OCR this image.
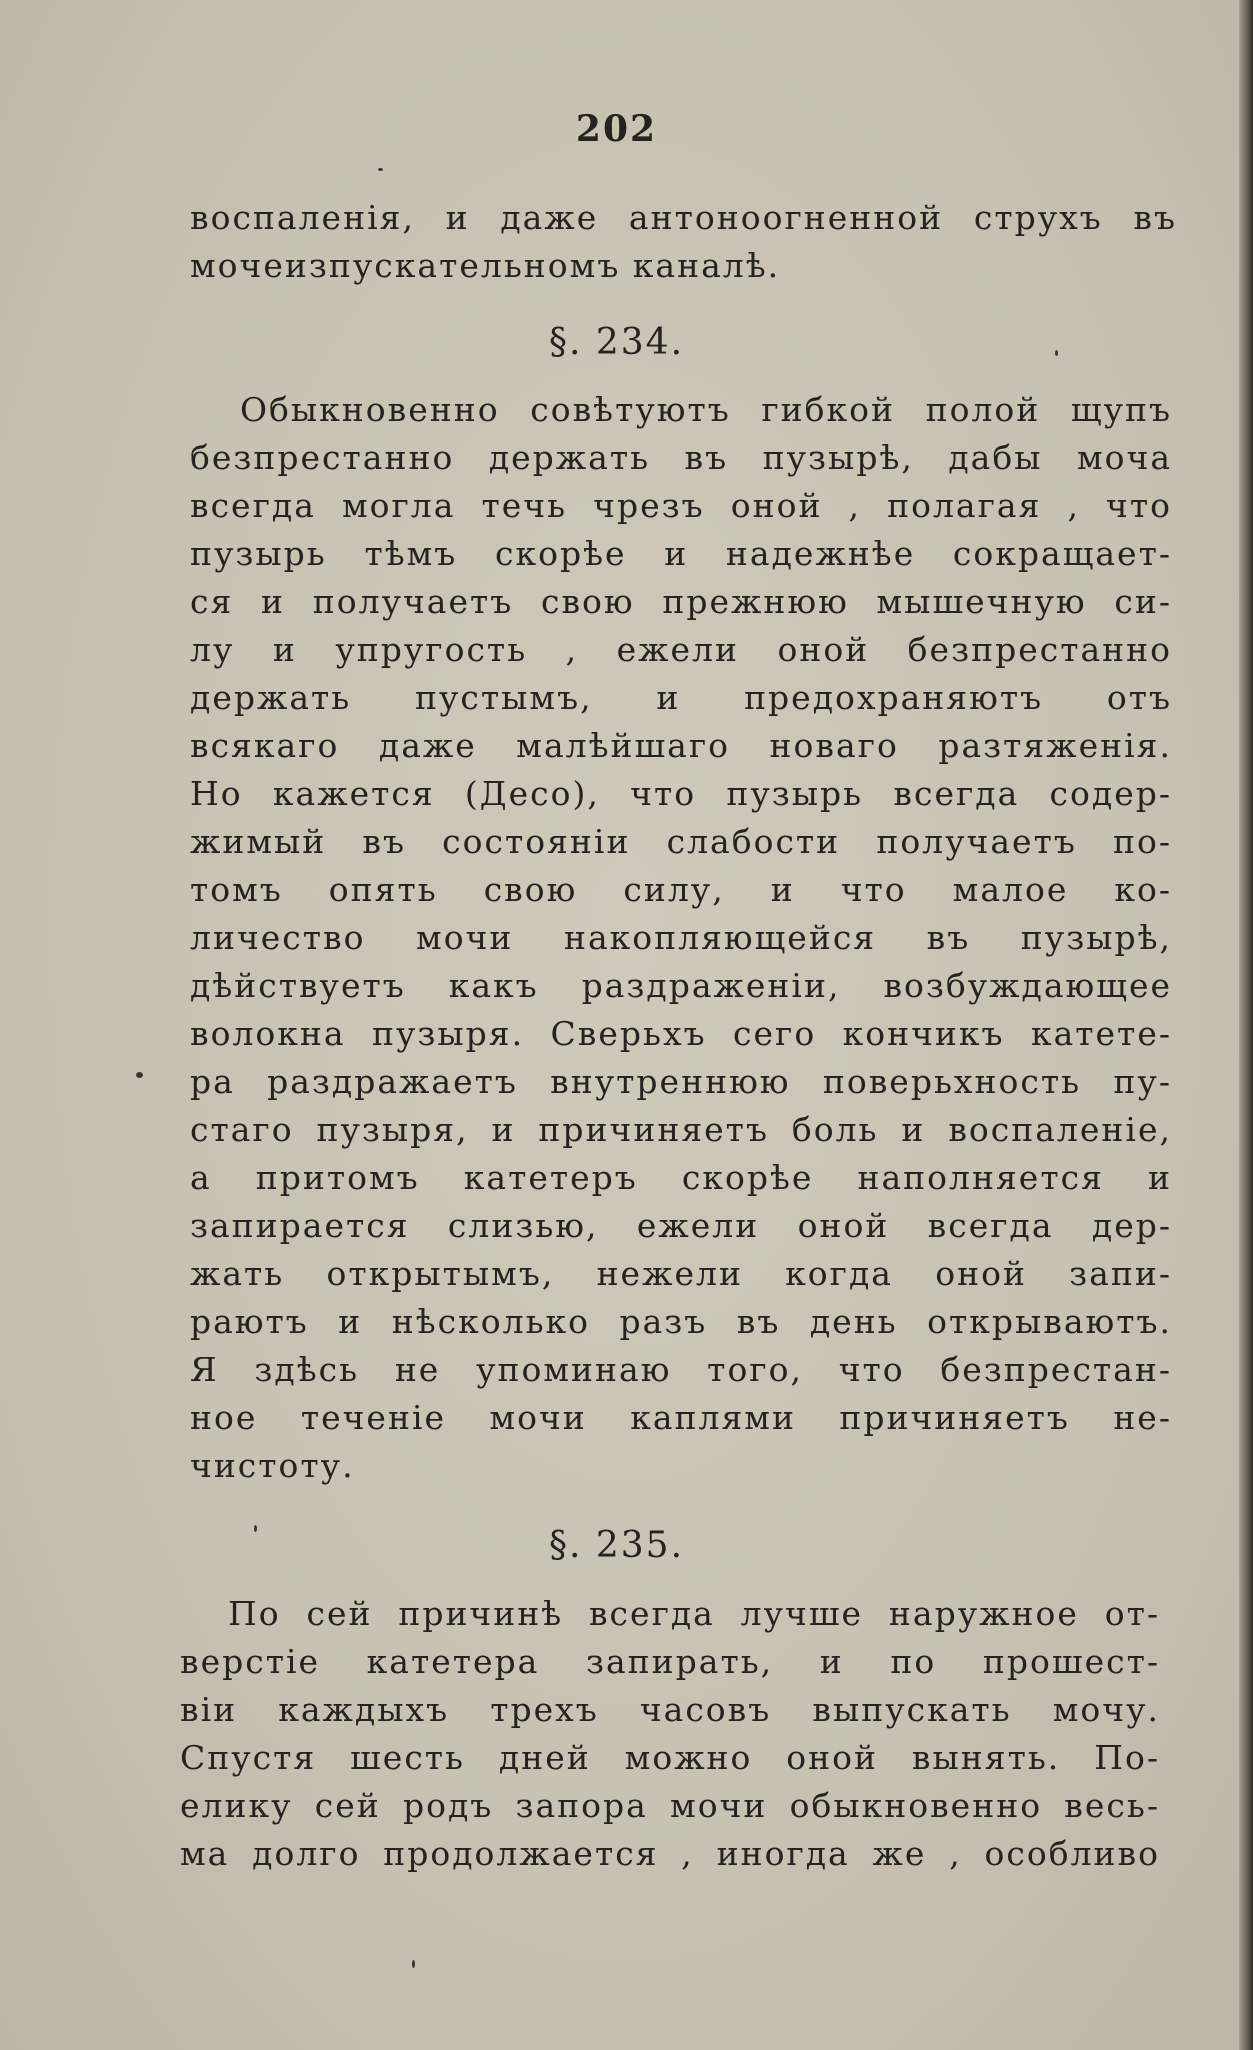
202
воспаленія, и даже антоноогненной струхъ въ
мочеизпускательномъ каналѣ.
§. 234.
Обыкновенно совѣтуютъ гибкой полой щупъ
безпрестанно держать въ пузырѣ, дабы моча
всегда могла течь чрезъ оной , полагая , что
пузырь тѣмъ скорѣе и надежнѣе сокращает-
ся и получаетъ свою прежнюю мышечную си-
лу и упругость , ежели оной безпрестанно
держать пустымъ, и предохраняютъ отъ
всякаго даже малѣйшаго новаго разтяженія.
Но кажется (Десо), что пузырь всегда содер-
жимый въ состояніи слабости получаетъ по-
томъ опять свою силу, и что малое ко-
личество мочи накопляющейся въ пузырѣ,
дѣйствуетъ какъ раздраженіи, возбуждающее
волокна пузыря. Сверьхъ сего кончикъ катете-
ра раздражаетъ внутреннюю поверьхность пу-
стаго пузыря, и причиняетъ боль и воспаленіе,
а притомъ катетеръ скорѣе наполняется и
запирается слизью, ежели оной всегда дер-
жать открытымъ, нежели когда оной запи-
раютъ и нѣсколько разъ въ день открываютъ.
Я здѣсь не упоминаю того, что безпрестан-
ное теченіе мочи каплями причиняетъ не-
чистоту.
§. 235.
По сей причинѣ всегда лучше наружное от-
верстіе катетера запирать, и по прошест-
віи каждыхъ трехъ часовъ выпускать мочу.
Спустя шесть дней можно оной вынять. По-
елику сей родъ запора мочи обыкновенно весь-
ма долго продолжается , иногда же , особливо
